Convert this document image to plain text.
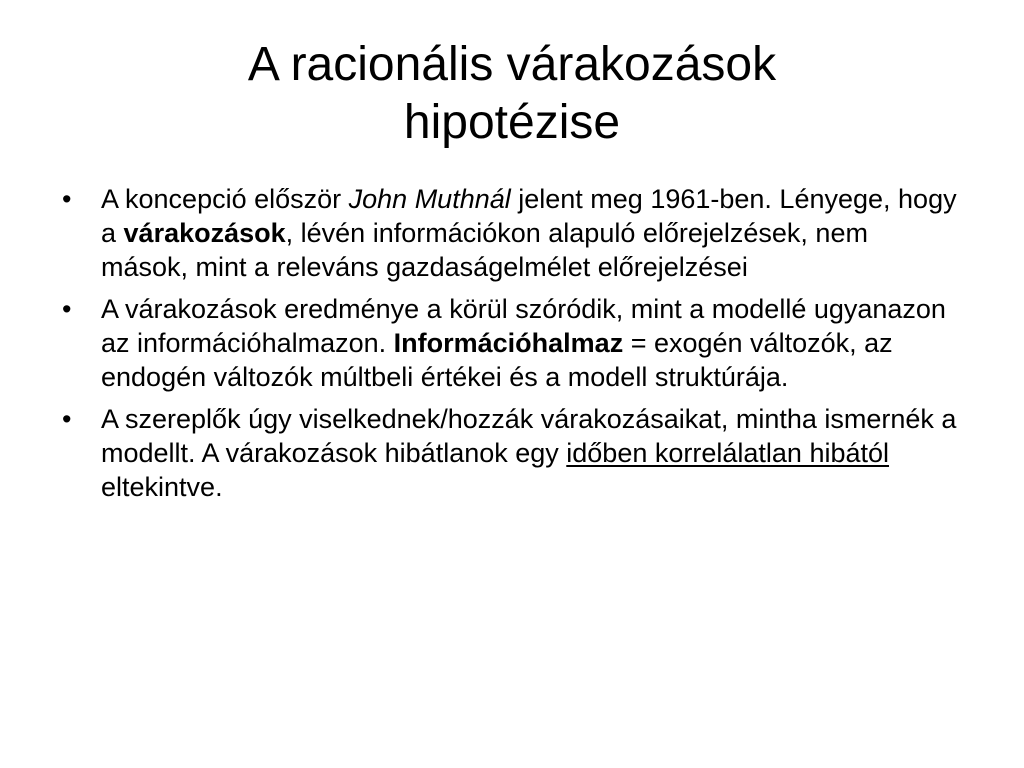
A racionális várakozások
hipotézise
• A koncepció először John Muthnál jelent meg 1961-ben. Lényege, hogy a várakozások, lévén információkon alapuló előrejelzések, nem mások, mint a releváns gazdaságelmélet előrejelzései
• A várakozások eredménye a körül szóródik, mint a modellé ugyanazon az információhalmazon. Információhalmaz = exogén változók, az endogén változók múltbeli értékei és a modell struktúrája.
• A szereplők úgy viselkednek/hozzák várakozásaikat, mintha ismernék a modellt. A várakozások hibátlanok egy időben korrelálatlan hibától eltekintve.
